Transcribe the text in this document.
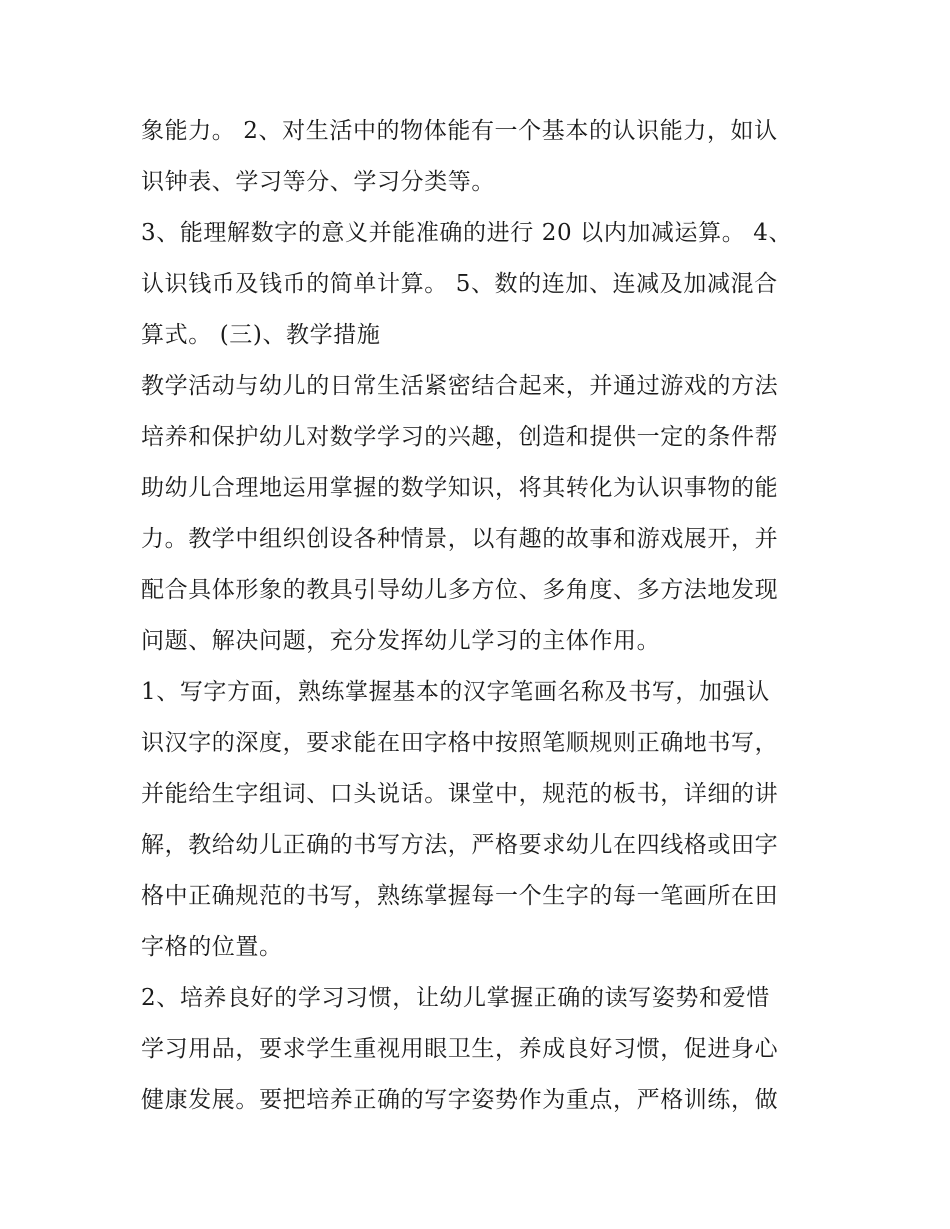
象能力。 2、对生活中的物体能有一个基本的认识能力，如认
识钟表、学习等分、学习分类等。
3、能理解数字的意义并能准确的进行 20 以内加减运算。 4、
认识钱币及钱币的简单计算。 5、数的连加、连减及加减混合
算式。 (三)、教学措施
教学活动与幼儿的日常生活紧密结合起来，并通过游戏的方法
培养和保护幼儿对数学学习的兴趣，创造和提供一定的条件帮
助幼儿合理地运用掌握的数学知识，将其转化为认识事物的能
力。教学中组织创设各种情景，以有趣的故事和游戏展开，并
配合具体形象的教具引导幼儿多方位、多角度、多方法地发现
问题、解决问题，充分发挥幼儿学习的主体作用。
1、写字方面，熟练掌握基本的汉字笔画名称及书写，加强认
识汉字的深度，要求能在田字格中按照笔顺规则正确地书写，
并能给生字组词、口头说话。课堂中，规范的板书，详细的讲
解，教给幼儿正确的书写方法，严格要求幼儿在四线格或田字
格中正确规范的书写，熟练掌握每一个生字的每一笔画所在田
字格的位置。
2、培养良好的学习习惯，让幼儿掌握正确的读写姿势和爱惜
学习用品，要求学生重视用眼卫生，养成良好习惯，促进身心
健康发展。要把培养正确的写字姿势作为重点，严格训练，做
